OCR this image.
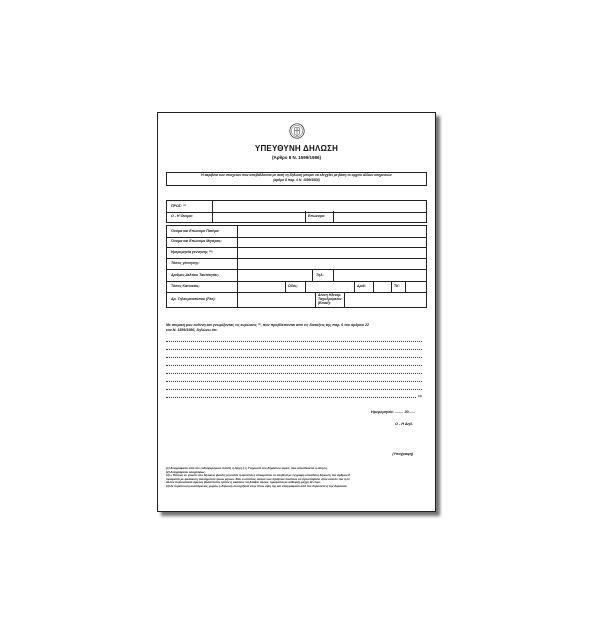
ΥΠΕΥΘΥΝΗ ΔΗΛΩΣΗ
(Άρθρο 8 Ν. 1599/1986)
Η ακρίβεια των στοιχείων που υποβάλλονται με αυτή τη δήλωση μπορεί να ελεγχθεί με βάση το αρχείο άλλων υπηρεσιών
(άρθρο 8 παρ. 4 Ν. 1599/1986)
ΠΡΟΣ: ⁽¹⁾
Ο - Η Όνομα:	Επώνυμο:
Όνομα και Επώνυμο Πατέρα:
Όνομα και Επώνυμο Μητέρας:
Ημερομηνία γέννησης ⁽²⁾:
Τόπος γέννησης:
Αριθμός Δελτίου Ταυτότητας:	Τηλ.:
Τόπος Κατοικίας:	Οδός:	Αριθ:	ΤΚ:
Αρ. Τηλεομοιοτύπου (Fax):
Δ/νση Ηλεκτρ.
Ταχυδρομείου
(Email):
Με ατομική μου ευθύνη και γνωρίζοντας τις κυρώσεις ⁽³⁾, που προβλέπονται από τις διατάξεις της παρ. 6 του άρθρου 22
του Ν. 1599/1986, δηλώνω ότι:
(4)
Ημερομηνία: ........ 20......
Ο - Η Δηλ.
(Υπογραφή)
(1) Αναγράφεται από τον ενδιαφερόμενο πολίτη ή Αρχή ή η Υπηρεσία του δημόσιου τομέα, που απευθύνεται η αίτηση.
(2) Αναγράφεται ολογράφως.
(3) « Όποιος εν γνώσει του δηλώνει ψευδή γεγονότα ή αρνείται ή αποκρύπτει τα αληθινά με έγγραφη υπεύθυνη δήλωση του άρθρου 8
τιμωρείται με φυλάκιση τουλάχιστον τριών μηνών. Εάν ο υπαίτιος αυτών των πράξεων σκόπευε να προσπορίσει στον εαυτόν του ή σε
άλλον περιουσιακό όφελος βλάπτοντας τρίτον ή σκόπευε να βλάψει άλλον, τιμωρείται με κάθειρξη μέχρι 10 ετών.
(4) Σε περίπτωση ανεπάρκειας χώρου η δήλωση συνεχίζεται στην πίσω όψη της και υπογράφεται από τον δηλούντα ή την δηλούσα.
